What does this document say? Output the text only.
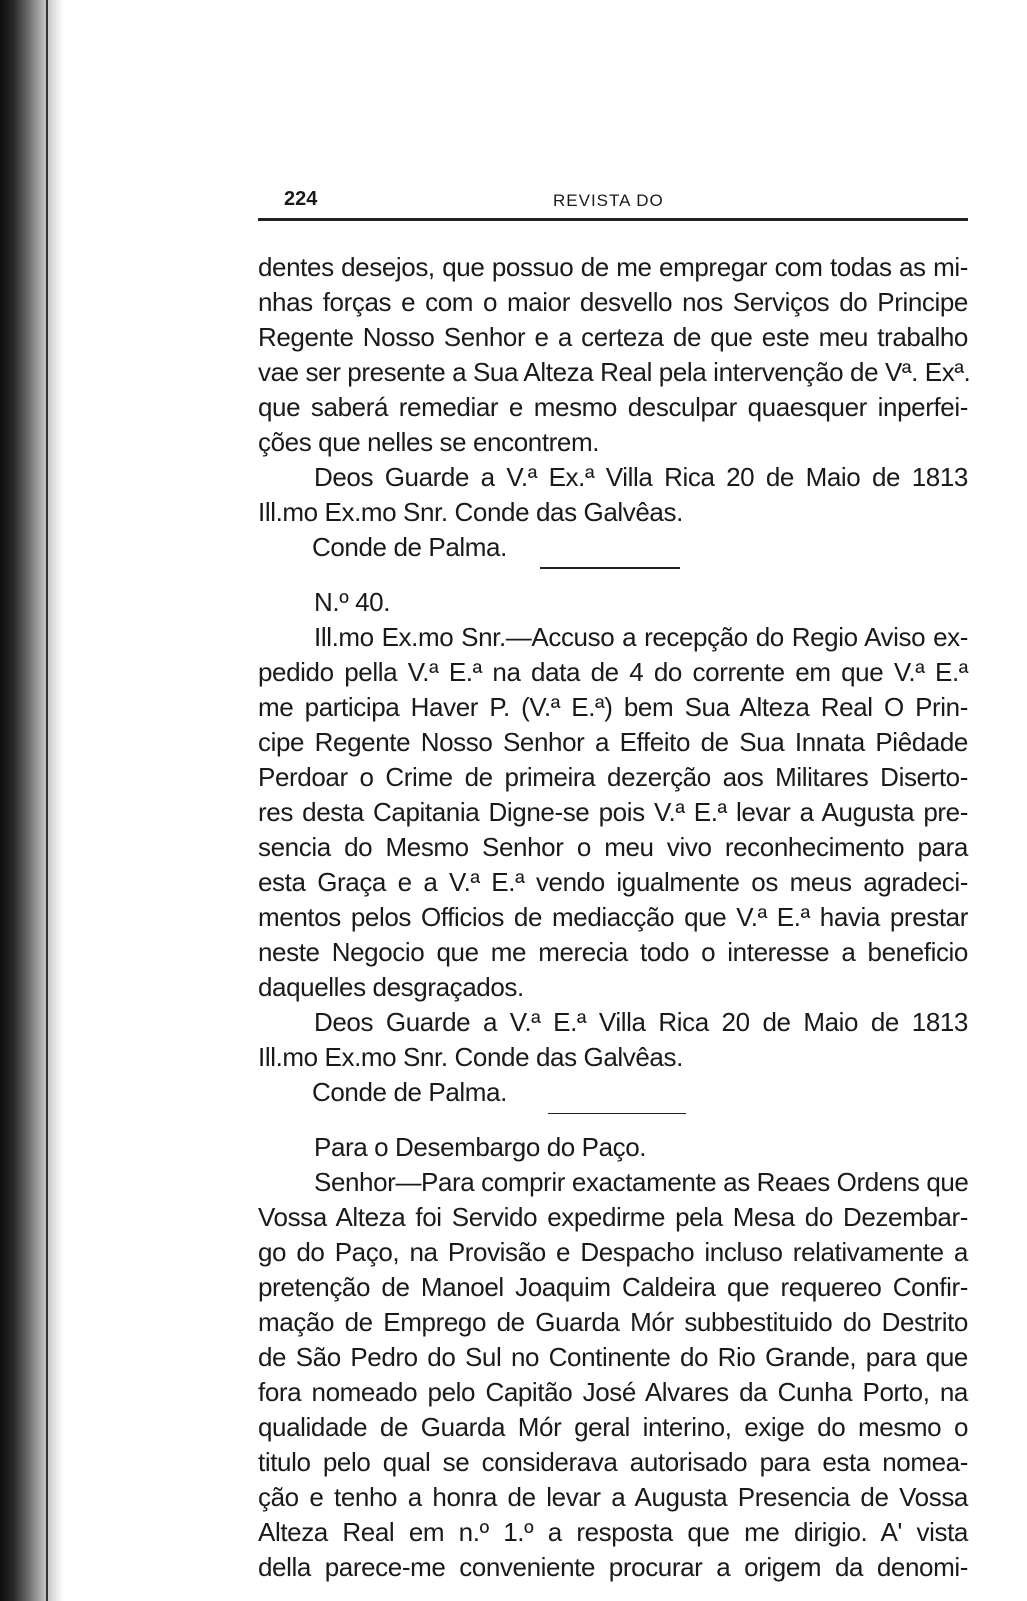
224	REVISTA DO
dentes desejos, que possuo de me empregar com todas as mi-
nhas forças e com o maior desvello nos Serviços do Principe
Regente Nosso Senhor e a certeza de que este meu trabalho
vae ser presente a Sua Alteza Real pela intervenção de Vª. Exª.
que saberá remediar e mesmo desculpar quaesquer inperfei-
ções que nelles se encontrem.
Deos Guarde a V.ª Ex.ª Villa Rica 20 de Maio de 1813
Ill.mo Ex.mo Snr. Conde das Galvêas.
Conde de Palma.
N.º 40.
Ill.mo Ex.mo Snr.—Accuso a recepção do Regio Aviso ex-
pedido pella V.ª E.ª na data de 4 do corrente em que V.ª E.ª
me participa Haver P. (V.ª E.ª) bem Sua Alteza Real O Prin-
cipe Regente Nosso Senhor a Effeito de Sua Innata Piêdade
Perdoar o Crime de primeira dezerção aos Militares Diserto-
res desta Capitania Digne-se pois V.ª E.ª levar a Augusta pre-
sencia do Mesmo Senhor o meu vivo reconhecimento para
esta Graça e a V.ª E.ª vendo igualmente os meus agradeci-
mentos pelos Officios de mediacção que V.ª E.ª havia prestar
neste Negocio que me merecia todo o interesse a beneficio
daquelles desgraçados.
Deos Guarde a V.ª E.ª Villa Rica 20 de Maio de 1813
Ill.mo Ex.mo Snr. Conde das Galvêas.
Conde de Palma.
Para o Desembargo do Paço.
Senhor—Para comprir exactamente as Reaes Ordens que
Vossa Alteza foi Servido expedirme pela Mesa do Dezembar-
go do Paço, na Provisão e Despacho incluso relativamente a
pretenção de Manoel Joaquim Caldeira que requereo Confir-
mação de Emprego de Guarda Mór subbestituido do Destrito
de São Pedro do Sul no Continente do Rio Grande, para que
fora nomeado pelo Capitão José Alvares da Cunha Porto, na
qualidade de Guarda Mór geral interino, exige do mesmo o
titulo pelo qual se considerava autorisado para esta nomea-
ção e tenho a honra de levar a Augusta Presencia de Vossa
Alteza Real em n.º 1.º a resposta que me dirigio. A' vista
della parece-me conveniente procurar a origem da denomi-
